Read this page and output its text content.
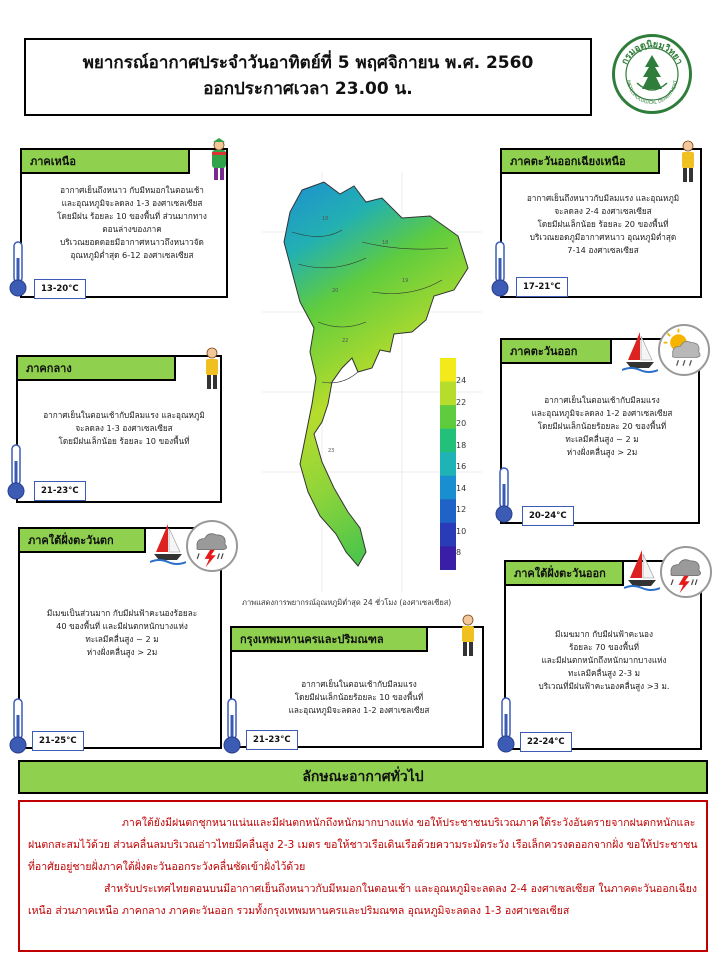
พยากรณ์อากาศประจำวันอาทิตย์ที่ 5 พฤศจิกายน พ.ศ. 2560
ออกประกาศเวลา 23.00 น.
กรมอุตุนิยมวิทยา
METEOROLOGICAL DEPARTMENT
ภาคเหนือ
อากาศเย็นถึงหนาว กับมีหมอกในตอนเช้า
และอุณหภูมิจะลดลง 1-3 องศาเซลเซียส
โดยมีฝน ร้อยละ 10 ของพื้นที่ ส่วนมากทาง
ตอนล่างของภาค
บริเวณยอดดอยมีอากาศหนาวถึงหนาวจัด
อุณหภูมิต่ำสุด 6-12 องศาเซลเซียส
13-20°C
ภาคตะวันออกเฉียงเหนือ
อากาศเย็นถึงหนาวกับมีลมแรง และอุณหภูมิ
จะลดลง 2-4 องศาเซลเซียส
โดยมีฝนเล็กน้อย ร้อยละ 20 ของพื้นที่
บริเวณยอดภูมีอากาศหนาว อุณหภูมิต่ำสุด
7-14 องศาเซลเซียส
17-21°C
ภาคกลาง
อากาศเย็นในตอนเช้ากับมีลมแรง และอุณหภูมิ
จะลดลง 1-3 องศาเซลเซียส
โดยมีฝนเล็กน้อย ร้อยละ 10 ของพื้นที่
21-23°C
ภาคตะวันออก
อากาศเย็นในตอนเช้ากับมีลมแรง
และอุณหภูมิจะลดลง 1-2 องศาเซลเซียส
โดยมีฝนเล็กน้อยร้อยละ 20 ของพื้นที่
ทะเลมีคลื่นสูง ~ 2 ม
ห่างฝั่งคลื่นสูง > 2ม
20-24°C
ภาคใต้ฝั่งตะวันตก
มีเมฆเป็นส่วนมาก กับมีฝนฟ้าคะนองร้อยละ
40 ของพื้นที่ และมีฝนตกหนักบางแห่ง
ทะเลมีคลื่นสูง ~ 2 ม
ห่างฝั่งคลื่นสูง > 2ม
21-25°C
กรุงเทพมหานครและปริมณฑล
อากาศเย็นในตอนเช้ากับมีลมแรง
โดยมีฝนเล็กน้อยร้อยละ 10 ของพื้นที่
และอุณหภูมิจะลดลง 1-2 องศาเซลเซียส
21-23°C
ภาคใต้ฝั่งตะวันออก
มีเมฆมาก กับมีฝนฟ้าคะนอง
ร้อยละ 70 ของพื้นที่
และมีฝนตกหนักถึงหนักมากบางแห่ง
ทะเลมีคลื่นสูง 2-3 ม
บริเวณที่มีฝนฟ้าคะนองคลื่นสูง >3 ม.
22-24°C
18
18
20
19
22
23
24
22
20
18
16
14
12
10
8
ภาพแสดงการพยากรณ์อุณหภูมิต่ำสุด 24 ชั่วโมง (องศาเซลเซียส)
ลักษณะอากาศทั่วไป

ภาคใต้ยังมีฝนตกชุกหนาแน่นและมีฝนตกหนักถึงหนักมากบางแห่ง ขอให้ประชาชนบริเวณภาคใต้ระวังอันตรายจากฝนตกหนักและฝนตกสะสมไว้ด้วย ส่วนคลื่นลมบริเวณอ่าวไทยมีคลื่นสูง 2-3 เมตร ขอให้ชาวเรือเดินเรือด้วยความระมัดระวัง เรือเล็กควรงดออกจากฝั่ง ขอให้ประชาชนที่อาศัยอยู่ชายฝั่งภาคใต้ฝั่งตะวันออกระวังคลื่นซัดเข้าฝั่งไว้ด้วย

สำหรับประเทศไทยตอนบนมีอากาศเย็นถึงหนาวกับมีหมอกในตอนเช้า และอุณหภูมิจะลดลง 2-4 องศาเซลเซียส ในภาคตะวันออกเฉียงเหนือ ส่วนภาคเหนือ ภาคกลาง ภาคตะวันออก รวมทั้งกรุงเทพมหานครและปริมณฑล อุณหภูมิจะลดลง 1-3 องศาเซลเซียส
